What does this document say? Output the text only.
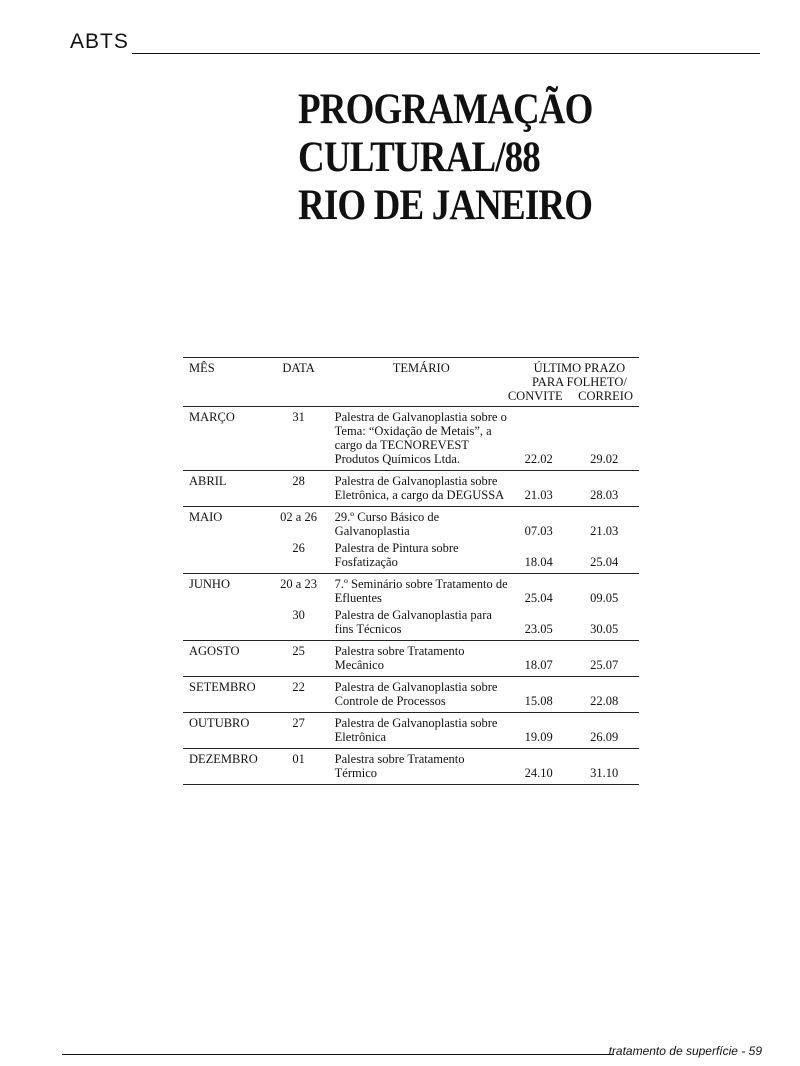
ABTS
PROGRAMAÇÃO
CULTURAL/88
RIO DE JANEIRO
MÊS	DATA	TEMÁRIO	ÚLTIMO PRAZO PARA FOLHETO/
CONVITE CORREIO	

MARÇO	31	Palestra de Galvanoplastia sobre o Tema: “Oxidação de Metais”, a cargo da TECNOREVEST Produtos Químicos Ltda.	22.02	29.02

ABRIL	28	Palestra de Galvanoplastia sobre Eletrônica, a cargo da DEGUSSA	21.03	28.03

MAIO	02 a 26	29.º Curso Básico de Galvanoplastia	07.03	21.03
	26	Palestra de Pintura sobre Fosfatização	18.04	25.04

JUNHO	20 a 23	7.º Seminário sobre Tratamento de Efluentes	25.04	09.05
	30	Palestra de Galvanoplastia para fins Técnicos	23.05	30.05

AGOSTO	25	Palestra sobre Tratamento Mecânico	18.07	25.07

SETEMBRO	22	Palestra de Galvanoplastia sobre Controle de Processos	15.08	22.08

OUTUBRO	27	Palestra de Galvanoplastia sobre Eletrônica	19.09	26.09

DEZEMBRO	01	Palestra sobre Tratamento Térmico	24.10	31.10

tratamento de superfície - 59
